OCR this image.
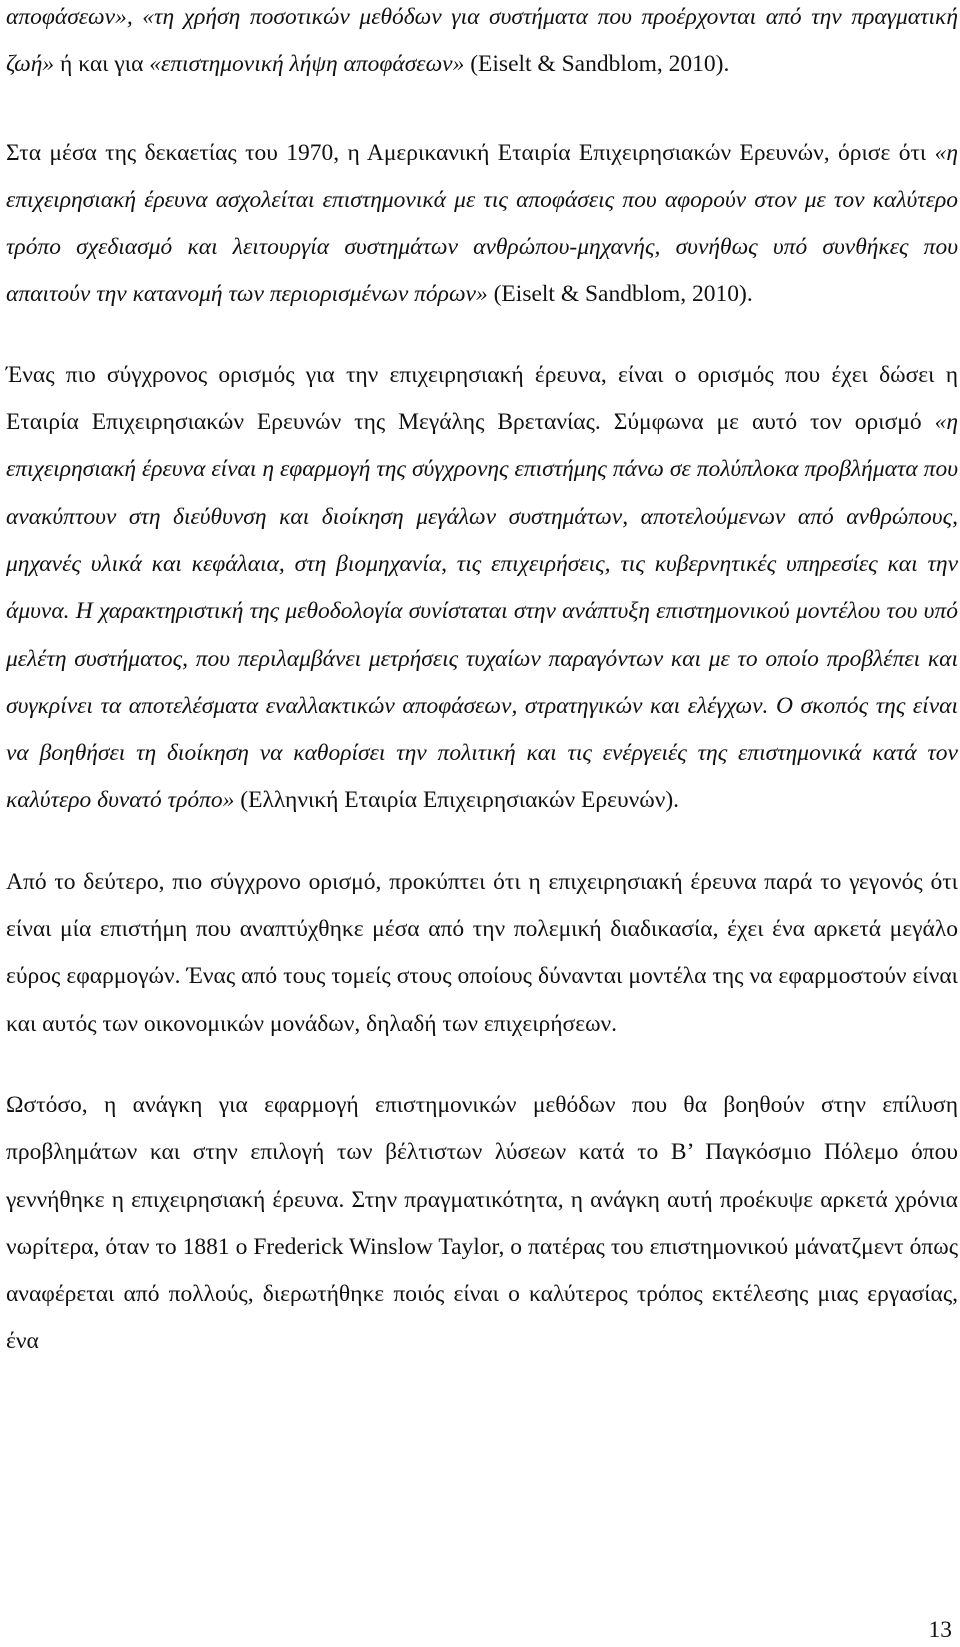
αποφάσεων», «τη χρήση ποσοτικών μεθόδων για συστήματα που προέρχονται από την πραγματική ζωή» ή και για «επιστημονική λήψη αποφάσεων» (Eiselt & Sandblom, 2010).

Στα μέσα της δεκαετίας του 1970, η Αμερικανική Εταιρία Επιχειρησιακών Ερευνών, όρισε ότι «η επιχειρησιακή έρευνα ασχολείται επιστημονικά με τις αποφάσεις που αφορούν στον με τον καλύτερο τρόπο σχεδιασμό και λειτουργία συστημάτων ανθρώπου-μηχανής, συνήθως υπό συνθήκες που απαιτούν την κατανομή των περιορισμένων πόρων» (Eiselt & Sandblom, 2010).

Ένας πιο σύγχρονος ορισμός για την επιχειρησιακή έρευνα, είναι ο ορισμός που έχει δώσει η Εταιρία Επιχειρησιακών Ερευνών της Μεγάλης Βρετανίας. Σύμφωνα με αυτό τον ορισμό «η επιχειρησιακή έρευνα είναι η εφαρμογή της σύγχρονης επιστήμης πάνω σε πολύπλοκα προβλήματα που ανακύπτουν στη διεύθυνση και διοίκηση μεγάλων συστημάτων, αποτελούμενων από ανθρώπους, μηχανές υλικά και κεφάλαια, στη βιομηχανία, τις επιχειρήσεις, τις κυβερνητικές υπηρεσίες και την άμυνα. Η χαρακτηριστική της μεθοδολογία συνίσταται στην ανάπτυξη επιστημονικού μοντέλου του υπό μελέτη συστήματος, που περιλαμβάνει μετρήσεις τυχαίων παραγόντων και με το οποίο προβλέπει και συγκρίνει τα αποτελέσματα εναλλακτικών αποφάσεων, στρατηγικών και ελέγχων. Ο σκοπός της είναι να βοηθήσει τη διοίκηση να καθορίσει την πολιτική και τις ενέργειές της επιστημονικά κατά τον καλύτερο δυνατό τρόπο» (Ελληνική Εταιρία Επιχειρησιακών Ερευνών).

Από το δεύτερο, πιο σύγχρονο ορισμό, προκύπτει ότι η επιχειρησιακή έρευνα παρά το γεγονός ότι είναι μία επιστήμη που αναπτύχθηκε μέσα από την πολεμική διαδικασία, έχει ένα αρκετά μεγάλο εύρος εφαρμογών. Ένας από τους τομείς στους οποίους δύνανται μοντέλα της να εφαρμοστούν είναι και αυτός των οικονομικών μονάδων, δηλαδή των επιχειρήσεων.

Ωστόσο, η ανάγκη για εφαρμογή επιστημονικών μεθόδων που θα βοηθούν στην επίλυση προβλημάτων και στην επιλογή των βέλτιστων λύσεων κατά το Β’ Παγκόσμιο Πόλεμο όπου γεννήθηκε η επιχειρησιακή έρευνα. Στην πραγματικότητα, η ανάγκη αυτή προέκυψε αρκετά χρόνια νωρίτερα, όταν το 1881 ο Frederick Winslow Taylor, ο πατέρας του επιστημονικού μάνατζμεντ όπως αναφέρεται από πολλούς, διερωτήθηκε ποιός είναι ο καλύτερος τρόπος εκτέλεσης μιας εργασίας, ένα

13
